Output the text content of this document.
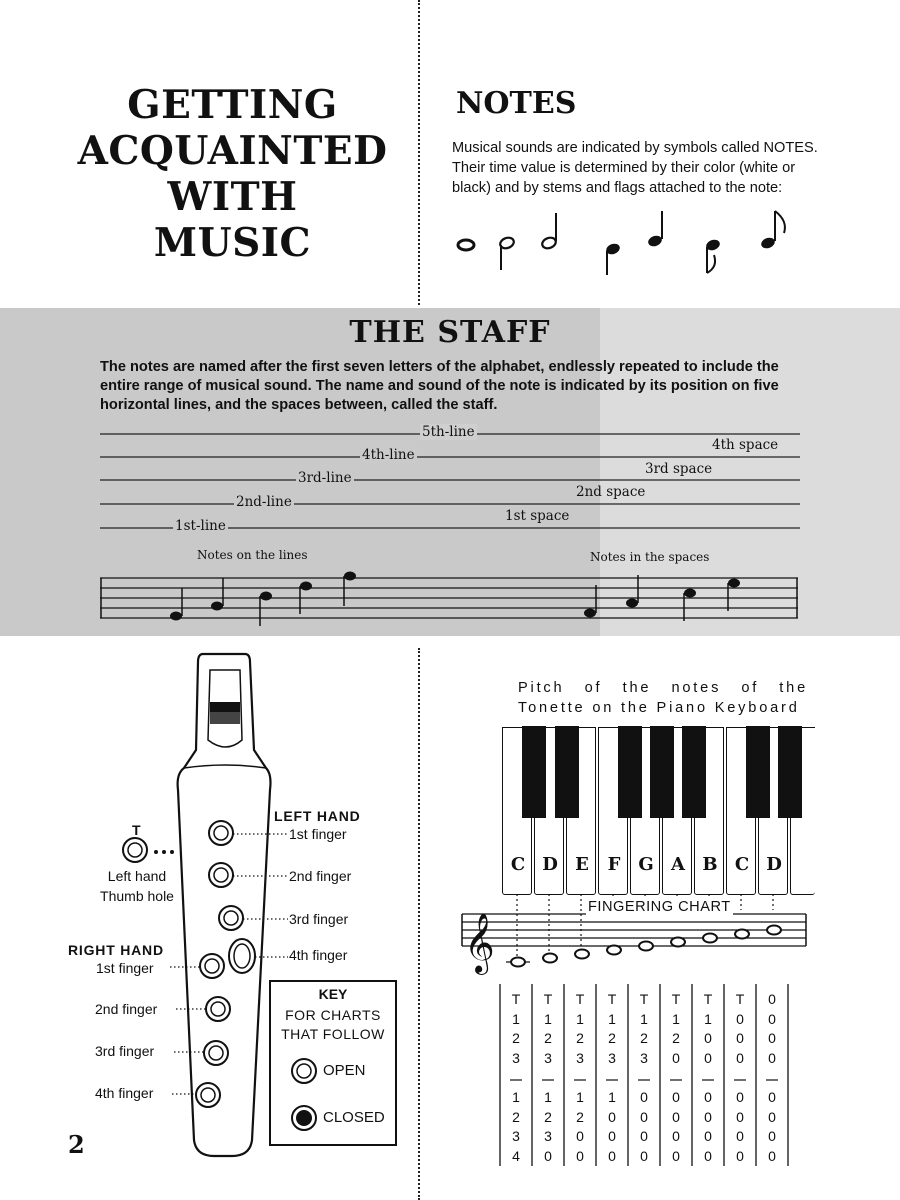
GETTING
ACQUAINTED
WITH
MUSIC
NOTES
Musical sounds are indicated by symbols called NOTES. Their time value is determined by their color (white or black) and by stems and flags attached to the note:
THE STAFF
The notes are named after the first seven letters of the alphabet, endlessly repeated to include the entire range of musical sound. The name and sound of the note is indicated by its position on five horizontal lines, and the spaces between, called the staff.
5th-line
4th-line
3rd-line
2nd-line
1st-line
4th space
3rd space
2nd space
1st space
Notes on the lines	Notes in the spaces
T
Left hand
Thumb hole
LEFT HAND
1st finger
2nd finger
3rd finger
4th finger
RIGHT HAND
1st finger
2nd finger
3rd finger
4th finger
KEY
FOR CHARTS THAT FOLLOW
OPEN
CLOSED
2
Pitch of the notes of the Tonette on the Piano Keyboard
C D E	F G A B C D
𝄞
FINGERING CHART
T
1
2
3
1
2
3
4
T
1
2
3
1
2
3
0
T
1
2
3
1
2
0
0
T
1
2
3
1
0
0
0
T
1
2
3
0
0
0
0
T
1
2
0
0
0
0
0
T
1
0
0
0
0
0
0
T
0
0
0
0
0
0
0
0
0
0
0
0
0
0
0
